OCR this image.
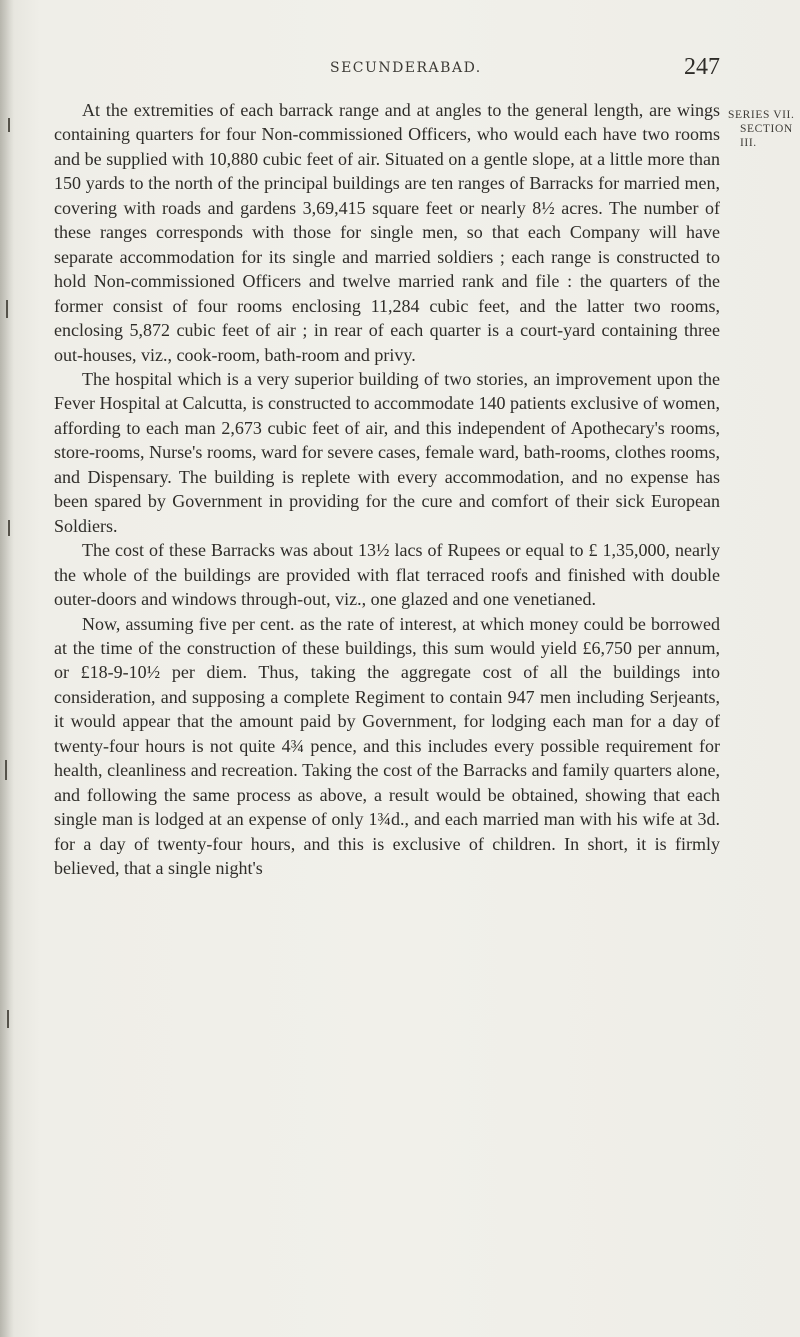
SECUNDERABAD.	247
SERIES VII.
SECTION III.

At the extremities of each barrack range and at angles to the general length, are wings containing quarters for four Non-commissioned Officers, who would each have two rooms and be supplied with 10,880 cubic feet of air. Situated on a gentle slope, at a little more than 150 yards to the north of the principal buildings are ten ranges of Barracks for married men, covering with roads and gardens 3,69,415 square feet or nearly 8½ acres. The number of these ranges corresponds with those for single men, so that each Company will have separate accommodation for its single and married soldiers ; each range is constructed to hold Non-commissioned Officers and twelve married rank and file : the quarters of the former consist of four rooms enclosing 11,284 cubic feet, and the latter two rooms, enclosing 5,872 cubic feet of air ; in rear of each quarter is a court-yard containing three out-houses, viz., cook-room, bath-room and privy.

The hospital which is a very superior building of two stories, an improvement upon the Fever Hospital at Calcutta, is constructed to accommodate 140 patients exclusive of women, affording to each man 2,673 cubic feet of air, and this independent of Apothecary's rooms, store-rooms, Nurse's rooms, ward for severe cases, female ward, bath-rooms, clothes rooms, and Dispensary. The building is replete with every accommodation, and no expense has been spared by Government in providing for the cure and comfort of their sick European Soldiers.

The cost of these Barracks was about 13½ lacs of Rupees or equal to £ 1,35,000, nearly the whole of the buildings are provided with flat terraced roofs and finished with double outer-doors and windows through-out, viz., one glazed and one venetianed.

Now, assuming five per cent. as the rate of interest, at which money could be borrowed at the time of the construction of these buildings, this sum would yield £6,750 per annum, or £18-9-10½ per diem. Thus, taking the aggregate cost of all the buildings into consideration, and supposing a complete Regiment to contain 947 men including Serjeants, it would appear that the amount paid by Government, for lodging each man for a day of twenty-four hours is not quite 4¾ pence, and this includes every possible requirement for health, cleanliness and recreation. Taking the cost of the Barracks and family quarters alone, and following the same process as above, a result would be obtained, showing that each single man is lodged at an expense of only 1¾d., and each married man with his wife at 3d. for a day of twenty-four hours, and this is exclusive of children. In short, it is firmly believed, that a single night's
